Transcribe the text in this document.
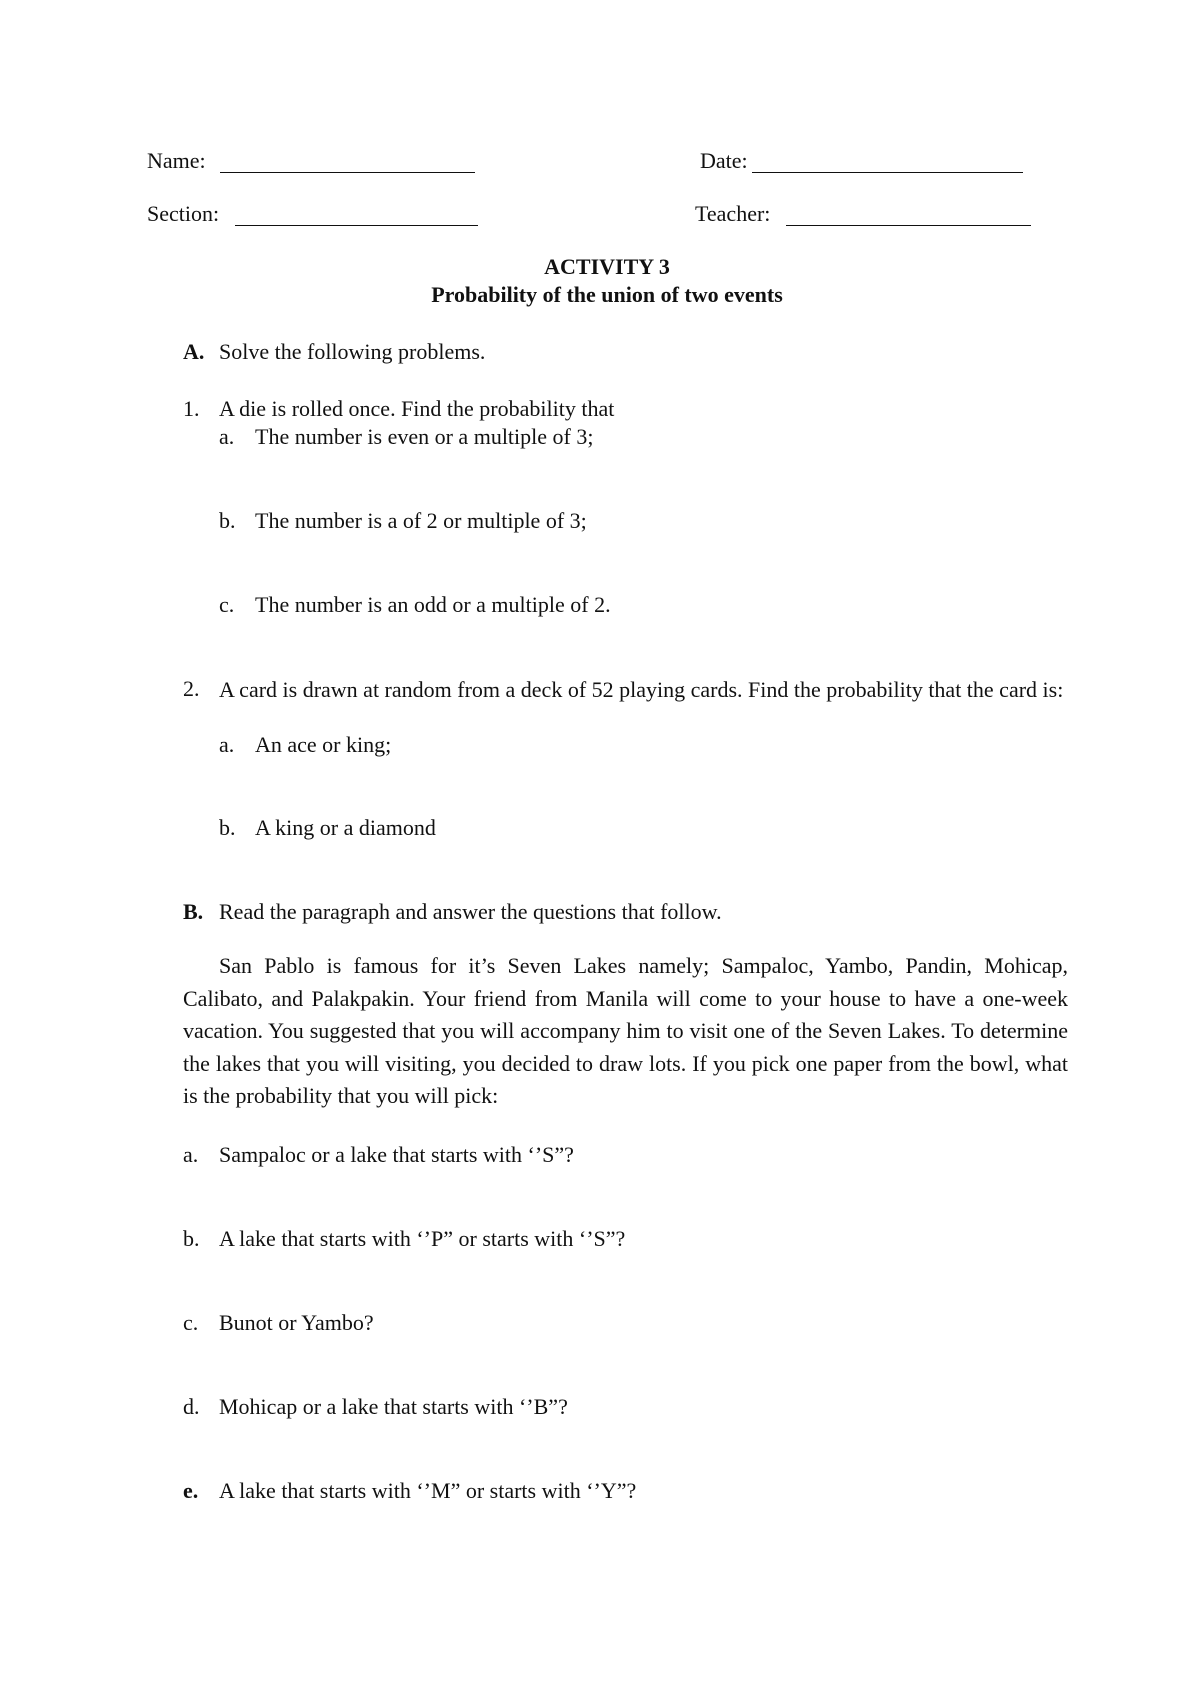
Name:	Date:
Section:	Teacher:
ACTIVITY 3
Probability of the union of two events
A. Solve the following problems.
1. A die is rolled once. Find the probability that
a. The number is even or a multiple of 3;
b. The number is a of 2 or multiple of 3;
c. The number is an odd or a multiple of 2.
2. A card is drawn at random from a deck of 52 playing cards. Find the probability that the card is:
a. An ace or king;
b. A king or a diamond
B. Read the paragraph and answer the questions that follow.
San Pablo is famous for it’s Seven Lakes namely; Sampaloc, Yambo, Pandin, Mohicap, Calibato, and Palakpakin. Your friend from Manila will come to your house to have a one-week vacation. You suggested that you will accompany him to visit one of the Seven Lakes. To determine the lakes that you will visiting, you decided to draw lots. If you pick one paper from the bowl, what is the probability that you will pick:
a. Sampaloc or a lake that starts with ‘’S”?
b. A lake that starts with ‘’P” or starts with ‘’S”?
c. Bunot or Yambo?
d. Mohicap or a lake that starts with ‘’B”?
e. A lake that starts with ‘’M” or starts with ‘’Y”?
